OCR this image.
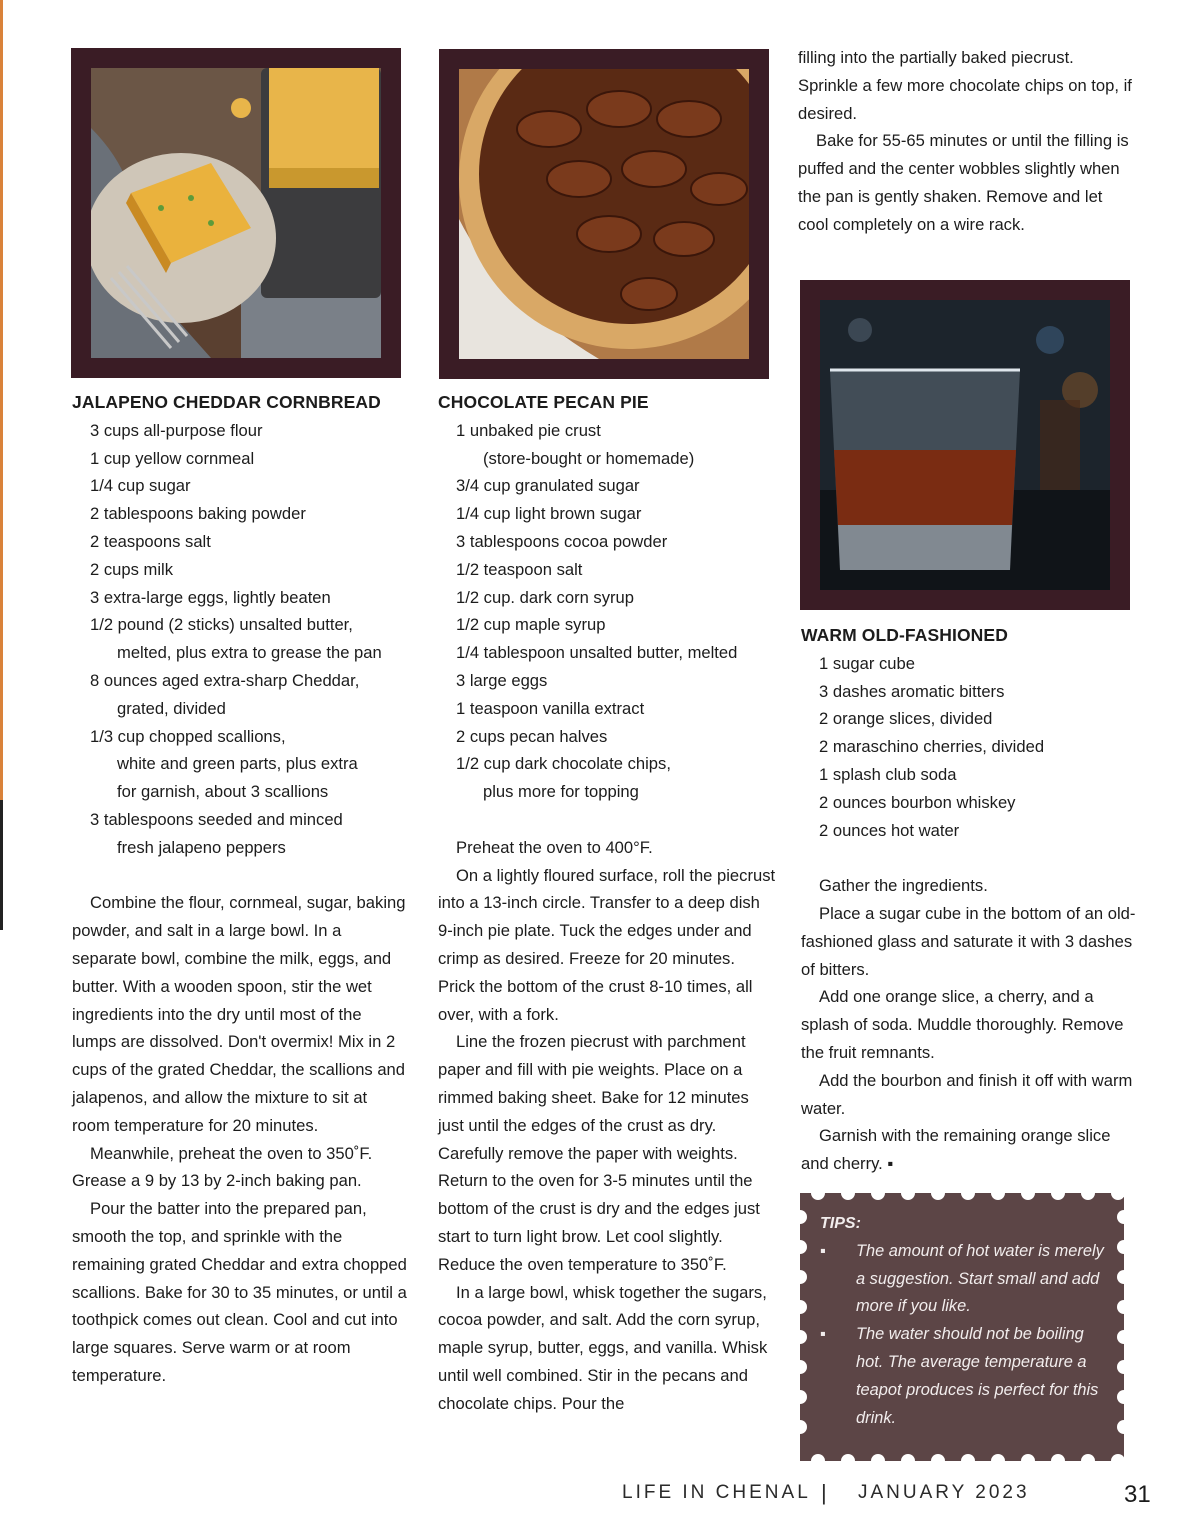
filling into the partially baked piecrust. Sprinkle a few more chocolate chips on top, if desired.

Bake for 55-65 minutes or until the filling is puffed and the center wobbles slightly when the pan is gently shaken. Remove and let cool completely on a wire rack.

JALAPENO CHEDDAR CORNBREAD
3 cups all-purpose flour
1 cup yellow cornmeal
1/4 cup sugar
2 tablespoons baking powder
2 teaspoons salt
2 cups milk
3 extra-large eggs, lightly beaten
1/2 pound (2 sticks) unsalted butter,
melted, plus extra to grease the pan
8 ounces aged extra-sharp Cheddar,
grated, divided
1/3 cup chopped scallions,
white and green parts, plus extra
for garnish, about 3 scallions
3 tablespoons seeded and minced
fresh jalapeno peppers

Combine the flour, cornmeal, sugar, baking powder, and salt in a large bowl. In a separate bowl, combine the milk, eggs, and butter. With a wooden spoon, stir the wet ingredients into the dry until most of the lumps are dissolved. Don't overmix! Mix in 2 cups of the grated Cheddar, the scallions and jalapenos, and allow the mixture to sit at room temperature for 20 minutes.

Meanwhile, preheat the oven to 350˚F. Grease a 9 by 13 by 2-inch baking pan.

Pour the batter into the prepared pan, smooth the top, and sprinkle with the remaining grated Cheddar and extra chopped scallions. Bake for 30 to 35 minutes, or until a toothpick comes out clean. Cool and cut into large squares. Serve warm or at room temperature.

CHOCOLATE PECAN PIE
1 unbaked pie crust
(store-bought or homemade)
3/4 cup granulated sugar
1/4 cup light brown sugar
3 tablespoons cocoa powder
1/2 teaspoon salt
1/2 cup. dark corn syrup
1/2 cup maple syrup
1/4 tablespoon unsalted butter, melted
3 large eggs
1 teaspoon vanilla extract
2 cups pecan halves
1/2 cup dark chocolate chips,
plus more for topping

Preheat the oven to 400°F.

On a lightly floured surface, roll the piecrust into a 13-inch circle. Transfer to a deep dish 9-inch pie plate. Tuck the edges under and crimp as desired. Freeze for 20 minutes. Prick the bottom of the crust 8-10 times, all over, with a fork.

Line the frozen piecrust with parchment paper and fill with pie weights. Place on a rimmed baking sheet. Bake for 12 minutes just until the edges of the crust as dry. Carefully remove the paper with weights. Return to the oven for 3-5 minutes until the bottom of the crust is dry and the edges just start to turn light brow. Let cool slightly. Reduce the oven temperature to 350˚F.

In a large bowl, whisk together the sugars, cocoa powder, and salt. Add the corn syrup, maple syrup, butter, eggs, and vanilla. Whisk until well combined. Stir in the pecans and chocolate chips. Pour the

WARM OLD-FASHIONED
1 sugar cube
3 dashes aromatic bitters
2 orange slices, divided
2 maraschino cherries, divided
1 splash club soda
2 ounces bourbon whiskey
2 ounces hot water

Gather the ingredients.

Place a sugar cube in the bottom of an old-fashioned glass and saturate it with 3 dashes of bitters.

Add one orange slice, a cherry, and a splash of soda. Muddle thoroughly. Remove the fruit remnants.

Add the bourbon and finish it off with warm water.

Garnish with the remaining orange slice and cherry. ▪

TIPS:
▪ The amount of hot water is merely a suggestion. Start small and add more if you like.
▪ The water should not be boiling hot. The average temperature a teapot produces is perfect for this drink.
LIFE IN CHENAL | JANUARY 2023	31
